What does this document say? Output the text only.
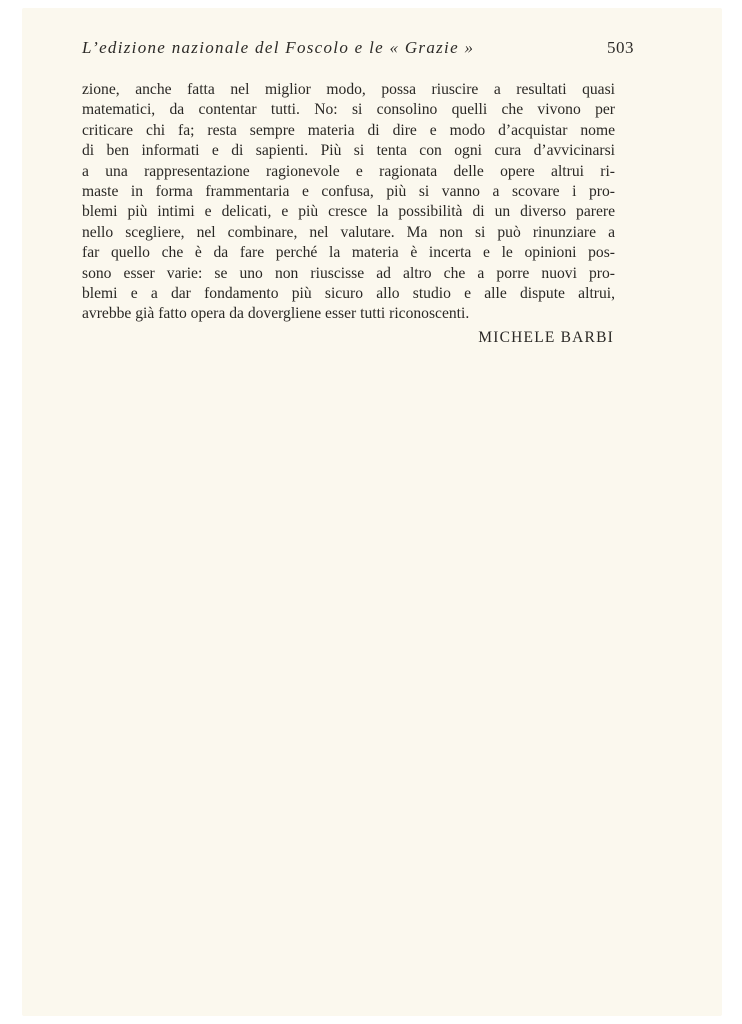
L’edizione nazionale del Foscolo e le « Grazie »	503
zione, anche fatta nel miglior modo, possa riuscire a resultati quasi
matematici, da contentar tutti. No: si consolino quelli che vivono per
criticare chi fa; resta sempre materia di dire e modo d’acquistar nome
di ben informati e di sapienti. Più si tenta con ogni cura d’avvicinarsi
a una rappresentazione ragionevole e ragionata delle opere altrui ri-
maste in forma frammentaria e confusa, più si vanno a scovare i pro-
blemi più intimi e delicati, e più cresce la possibilità di un diverso parere
nello scegliere, nel combinare, nel valutare. Ma non si può rinunziare a
far quello che è da fare perché la materia è incerta e le opinioni pos-
sono esser varie: se uno non riuscisse ad altro che a porre nuovi pro-
blemi e a dar fondamento più sicuro allo studio e alle dispute altrui,
avrebbe già fatto opera da dovergliene esser tutti riconoscenti.
MICHELE BARBI
